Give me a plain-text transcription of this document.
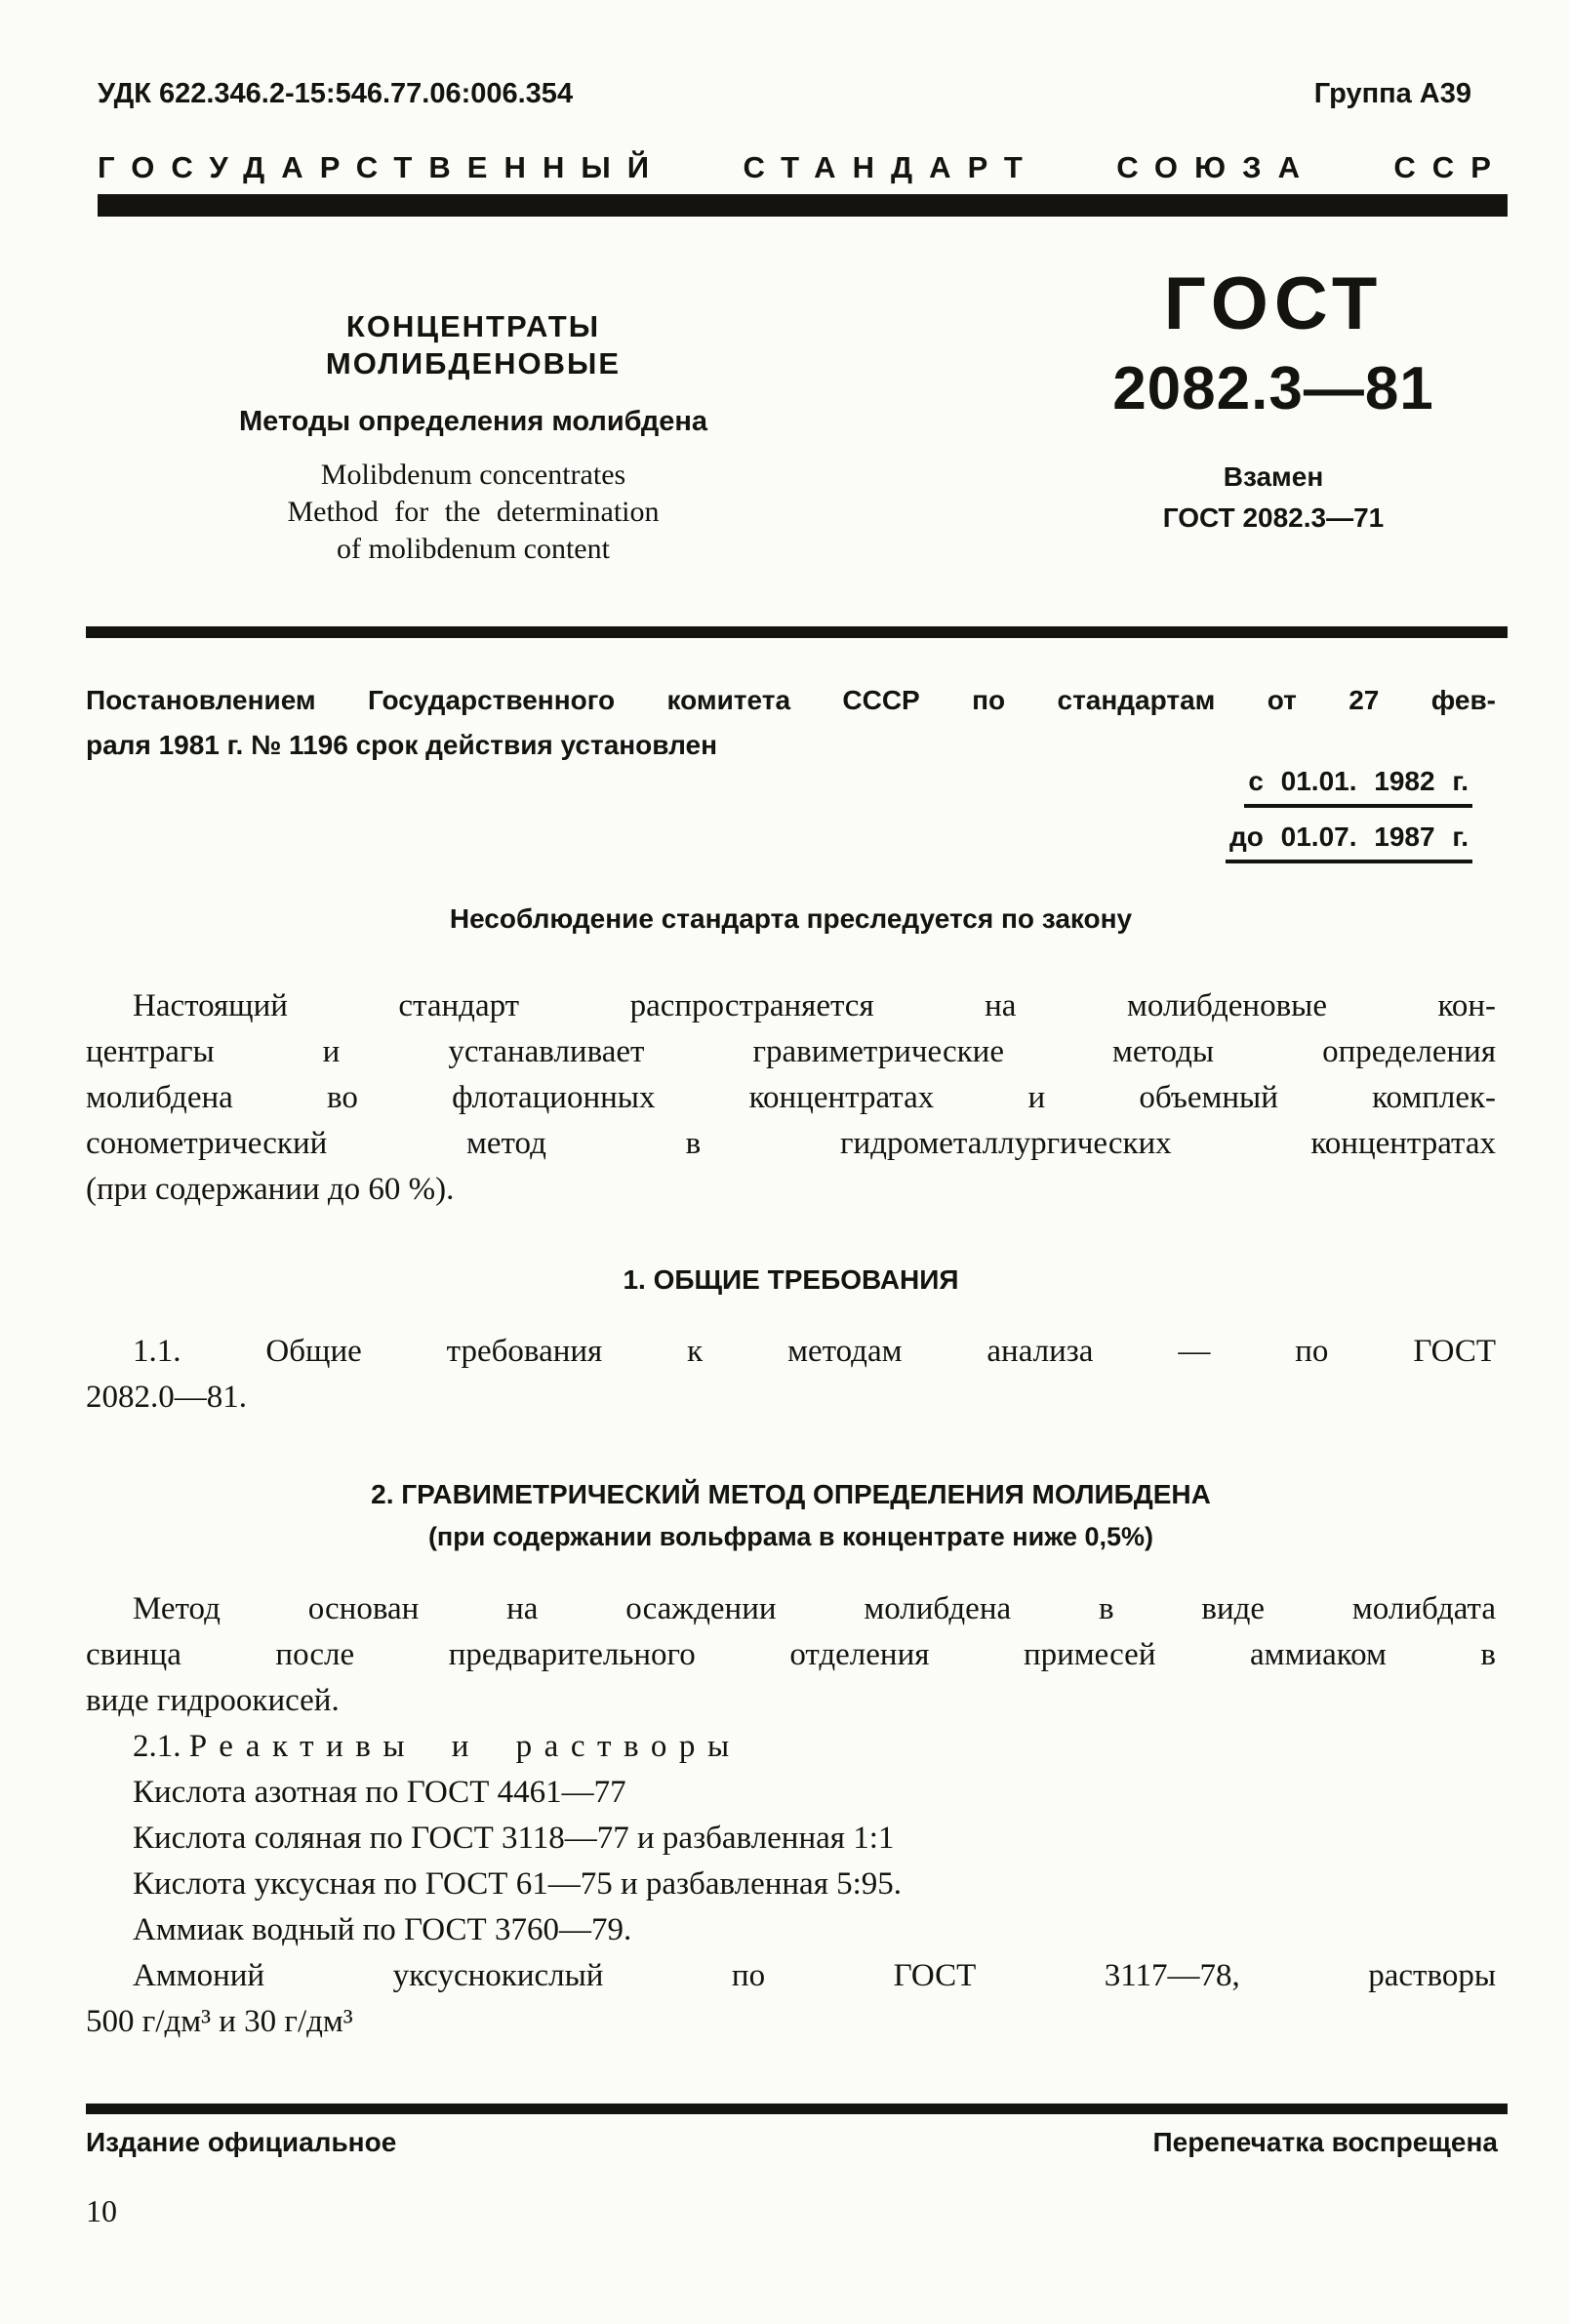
УДК 622.346.2-15:546.77.06:006.354	Группа А39
ГОСУДАРСТВЕННЫЙ	СТАНДАРТ	СОЮЗА	ССР
КОНЦЕНТРАТЫ МОЛИБДЕНОВЫЕ
Методы определения молибдена
Molibdenum concentrates
Method for the determination
of molibdenum content
ГОСТ
2082.3—81
Взамен
ГОСТ 2082.3—71
Постановлением Государственного комитета СССР по стандартам от 27 фев-
раля 1981 г. № 1196 срок действия установлен
с 01.01. 1982 г.
до 01.07. 1987 г.
Несоблюдение стандарта преследуется по закону
Настоящий стандарт распространяется на молибденовые кон-
центрагы и устанавливает гравиметрические методы определения
молибдена во флотационных концентратах и объемный комплек-
сонометрический метод в гидрометаллургических концентратах
(при содержании до 60 %).
1. ОБЩИЕ ТРЕБОВАНИЯ
1.1. Общие требования к методам анализа — по ГОСТ
2082.0—81.
2. ГРАВИМЕТРИЧЕСКИЙ МЕТОД ОПРЕДЕЛЕНИЯ МОЛИБДЕНА
(при содержании вольфрама в концентрате ниже 0,5%)
Метод основан на осаждении молибдена в виде молибдата
свинца после предварительного отделения примесей аммиаком в
виде гидроокисей.
2.1. Реактивы и растворы
Кислота азотная по ГОСТ 4461—77
Кислота соляная по ГОСТ 3118—77 и разбавленная 1:1
Кислота уксусная по ГОСТ 61—75 и разбавленная 5:95.
Аммиак водный по ГОСТ 3760—79.
Аммоний уксуснокислый по ГОСТ 3117—78, растворы
500 г/дм³ и 30 г/дм³
Издание официальное	Перепечатка воспрещена
10
